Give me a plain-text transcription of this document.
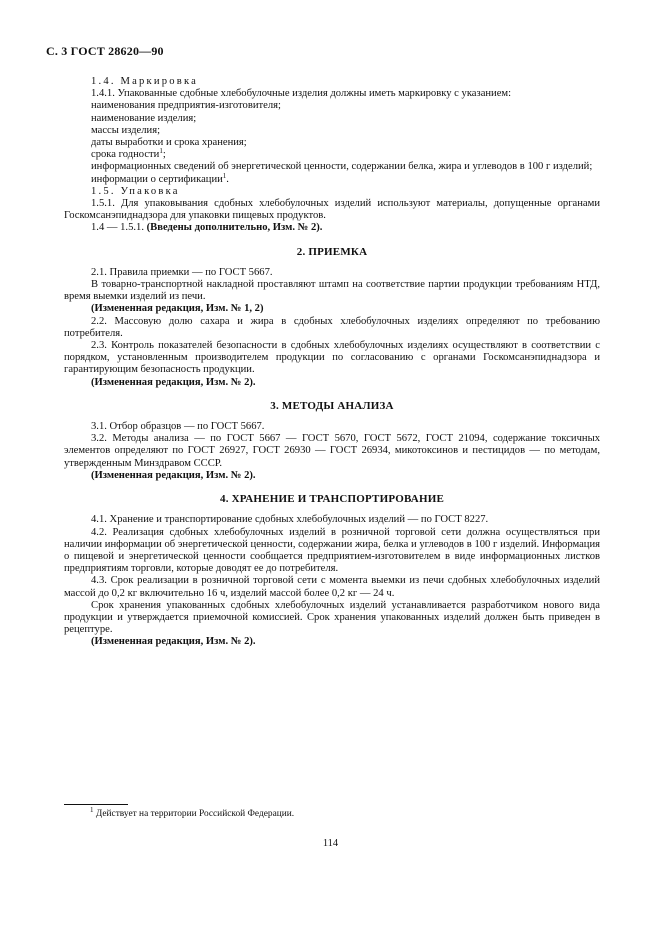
С. 3 ГОСТ 28620—90

1.4. Маркировка

1.4.1. Упакованные сдобные хлебобулочные изделия должны иметь маркировку с указанием:

наименования предприятия-изготовителя;

наименование изделия;

массы изделия;

даты выработки и срока хранения;

срока годности$^1$;

информационных сведений об энергетической ценности, содержании белка, жира и углеводов в 100 г изделий;

информации о сертификации$^1$.

1.5. Упаковка

1.5.1. Для упаковывания сдобных хлебобулочных изделий используют материалы, допущенные органами Госкомсанэпиднадзора для упаковки пищевых продуктов.

1.4 — 1.5.1. (Введены дополнительно, Изм. № 2).

2. ПРИЕМКА

2.1. Правила приемки — по ГОСТ 5667.

В товарно-транспортной накладной проставляют штамп на соответствие партии продукции требованиям НТД, время выемки изделий из печи.

(Измененная редакция, Изм. № 1, 2)

2.2. Массовую долю сахара и жира в сдобных хлебобулочных изделиях определяют по требованию потребителя.

2.3. Контроль показателей безопасности в сдобных хлебобулочных изделиях осуществляют в соответствии с порядком, установленным производителем продукции по согласованию с органами Госкомсанэпиднадзора и гарантирующим безопасность продукции.

(Измененная редакция, Изм. № 2).

3. МЕТОДЫ АНАЛИЗА

3.1. Отбор образцов — по ГОСТ 5667.

3.2. Методы анализа — по ГОСТ 5667 — ГОСТ 5670, ГОСТ 5672, ГОСТ 21094, содержание токсичных элементов определяют по ГОСТ 26927, ГОСТ 26930 — ГОСТ 26934, микотоксинов и пестицидов — по методам, утвержденным Минздравом СССР.

(Измененная редакция, Изм. № 2).

4. ХРАНЕНИЕ И ТРАНСПОРТИРОВАНИЕ

4.1. Хранение и транспортирование сдобных хлебобулочных изделий — по ГОСТ 8227.

4.2. Реализация сдобных хлебобулочных изделий в розничной торговой сети должна осуществляться при наличии информации об энергетической ценности, содержании жира, белка и углеводов в 100 г изделий. Информация о пищевой и энергетической ценности сообщается предприятием-изготовителем в виде информационных листков предприятиям торговли, которые доводят ее до потребителя.

4.3. Срок реализации в розничной торговой сети с момента выемки из печи сдобных хлебобулочных изделий массой до 0,2 кг включительно 16 ч, изделий массой более 0,2 кг — 24 ч.

Срок хранения упакованных сдобных хлебобулочных изделий устанавливается разработчиком нового вида продукции и утверждается приемочной комиссией. Срок хранения упакованных изделий должен быть приведен в рецептуре.

(Измененная редакция, Изм. № 2).

$^1$ Действует на территории Российской Федерации.
114
